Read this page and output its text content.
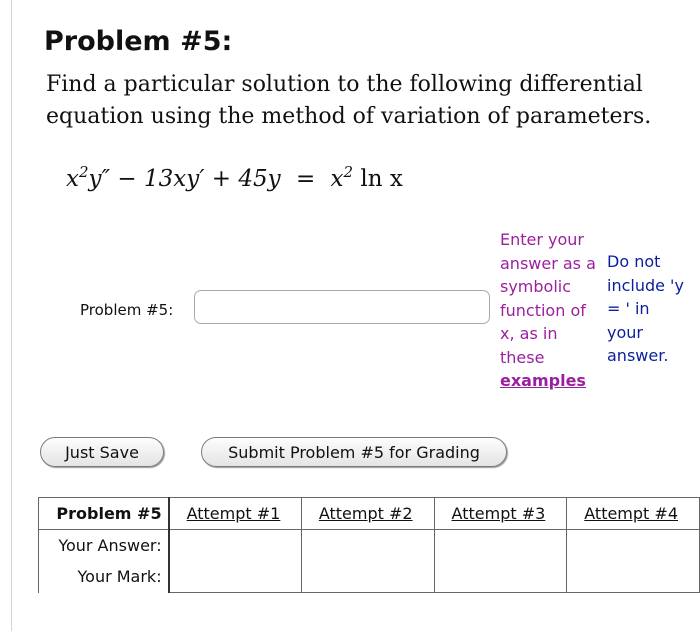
Problem #5:

Find a particular solution to the following differential equation using the method of variation of parameters.

$x^2y'' - 13xy' + 45y = x^2$ ln x
Problem #5:
Enter your answer as a symbolic function of x, as in these examples
Do not include 'y = ' in your answer.
Just Save	Submit Problem #5 for Grading
Problem #5	Attempt #1	Attempt #2	Attempt #3	Attempt #4
Your Answer:				
Your Mark:				
